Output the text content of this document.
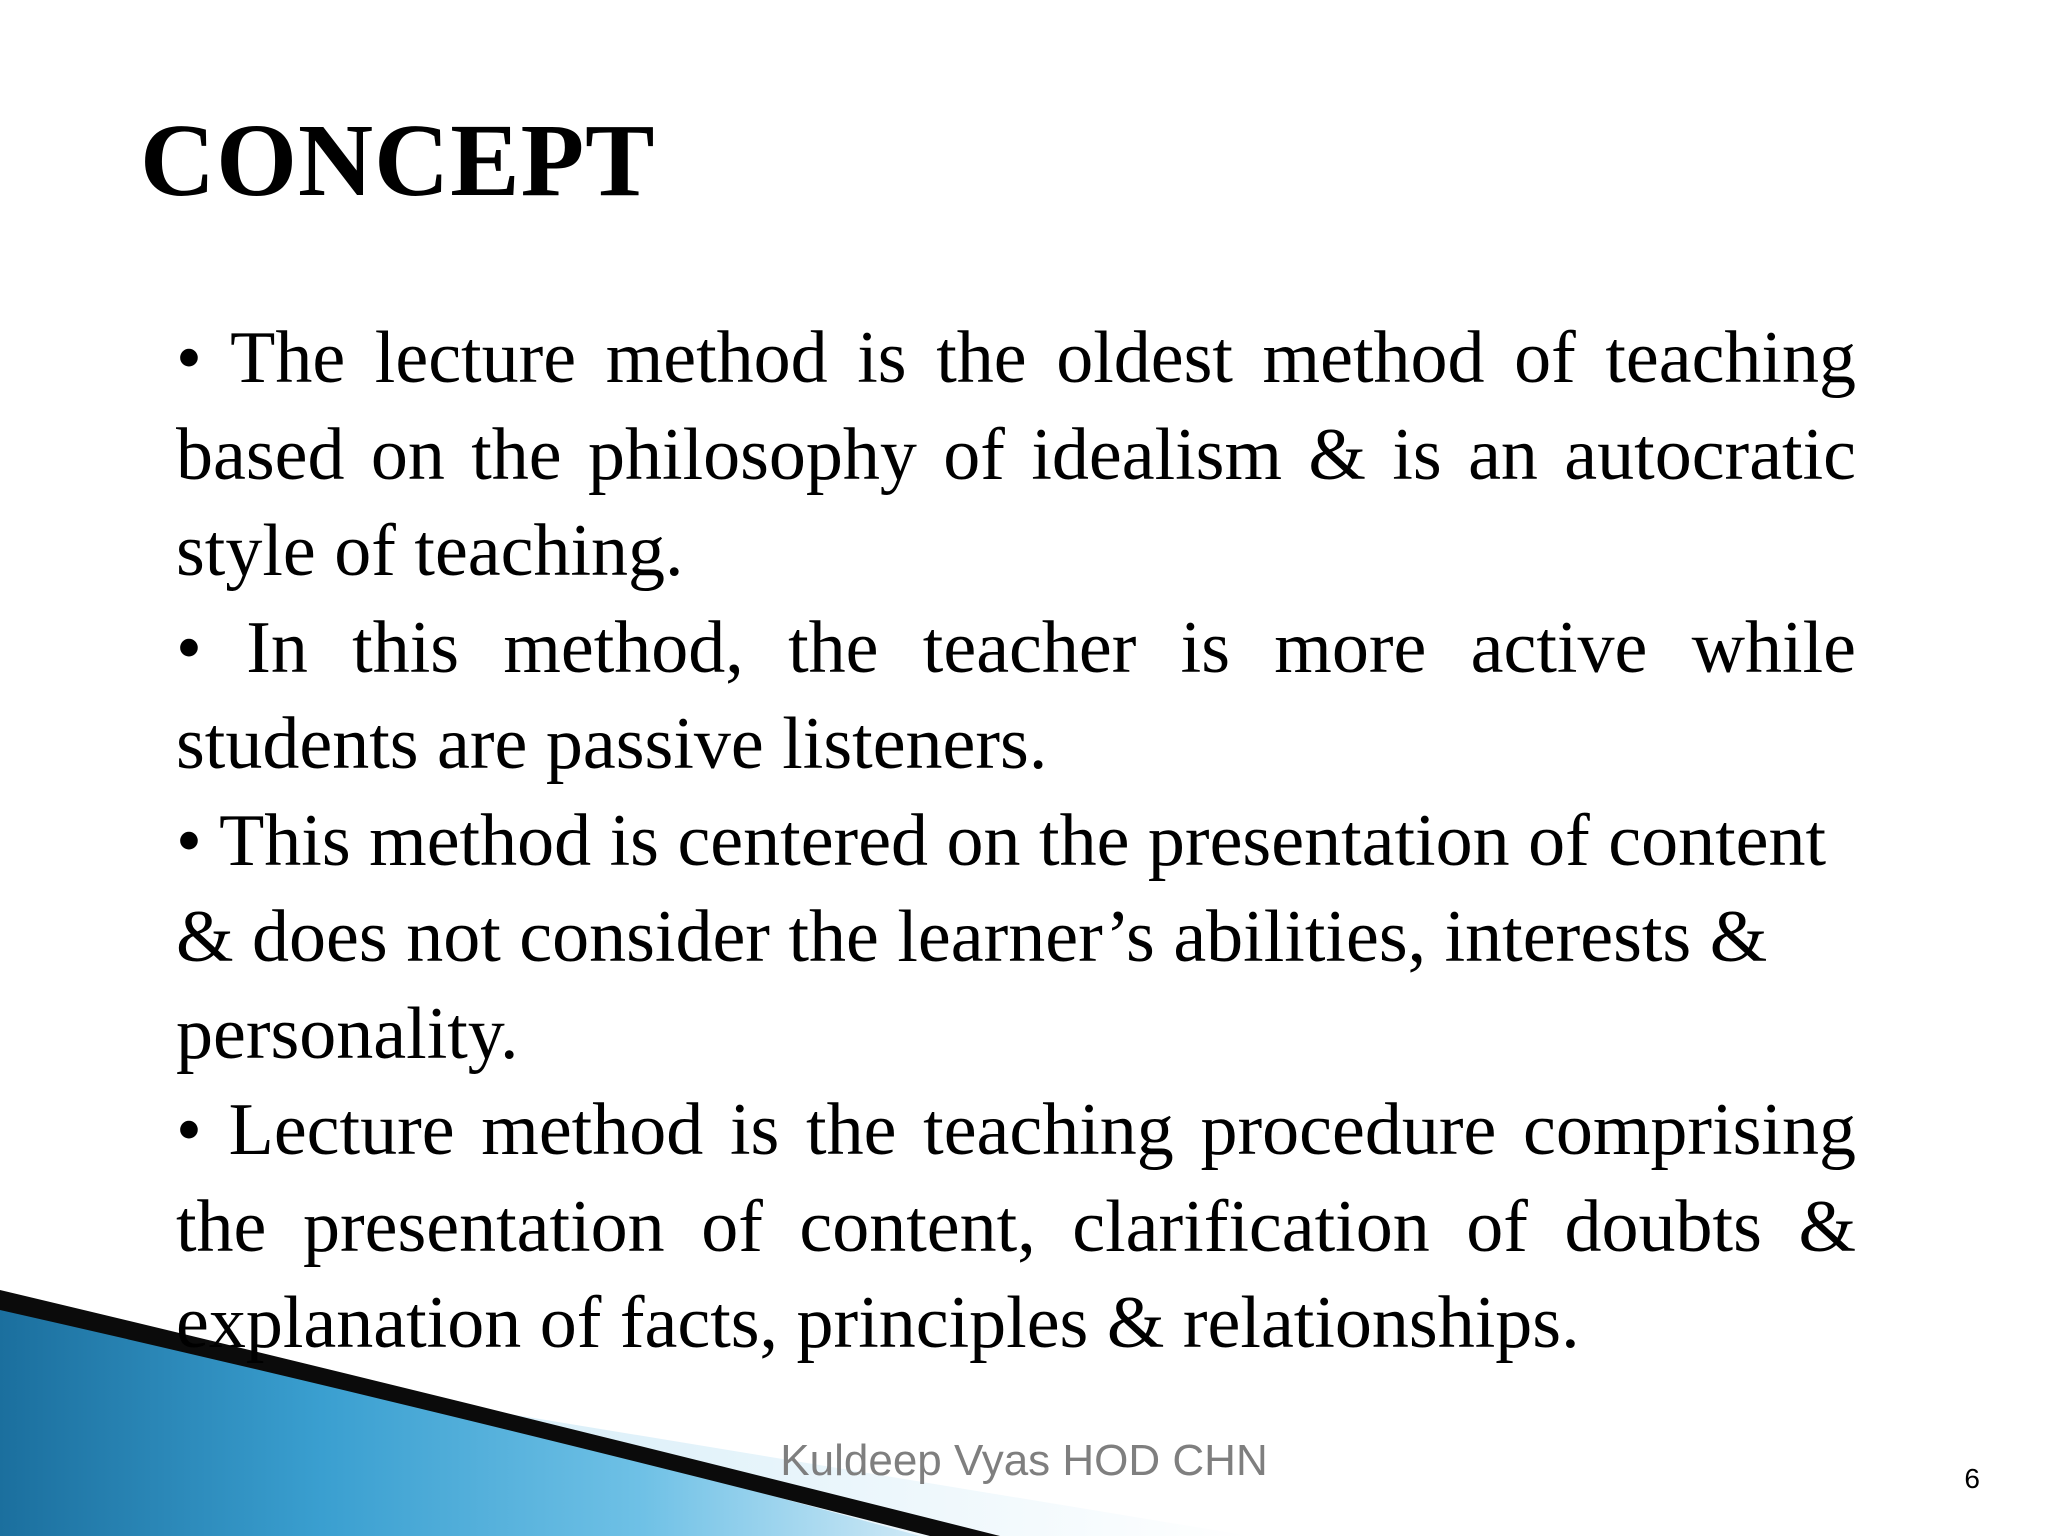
CONCEPT

• The lecture method is the oldest method of teaching based on the philosophy of idealism & is an autocratic style of teaching.

• In this method, the teacher is more active while students are passive listeners.

• This method is centered on the presentation of content & does not consider the learner’s abilities, interests & personality.

• Lecture method is the teaching procedure comprising the presentation of content, clarification of doubts & explanation of facts, principles & relationships.

Kuldeep Vyas HOD CHN	6
